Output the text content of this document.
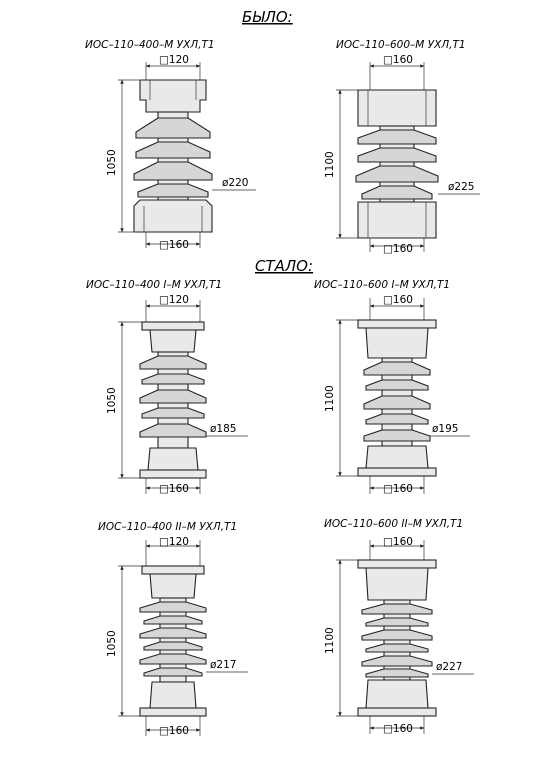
БЫЛО:
СТАЛО:
ИОС–110–400–М УХЛ,Т1
□120
1050
ø220
□160
ИОС–110–600–М УХЛ,Т1
□160
1100
ø225
□160
ИОС–110–400 I–М УХЛ,Т1
□120
1050
ø185
□160
ИОС–110–600 I–М УХЛ,Т1
□160
1100
ø195
□160
ИОС–110–400 II–М УХЛ,Т1
□120
1050
ø217
□160
ИОС–110–600 II–М УХЛ,Т1
□160
1100
ø227
□160
